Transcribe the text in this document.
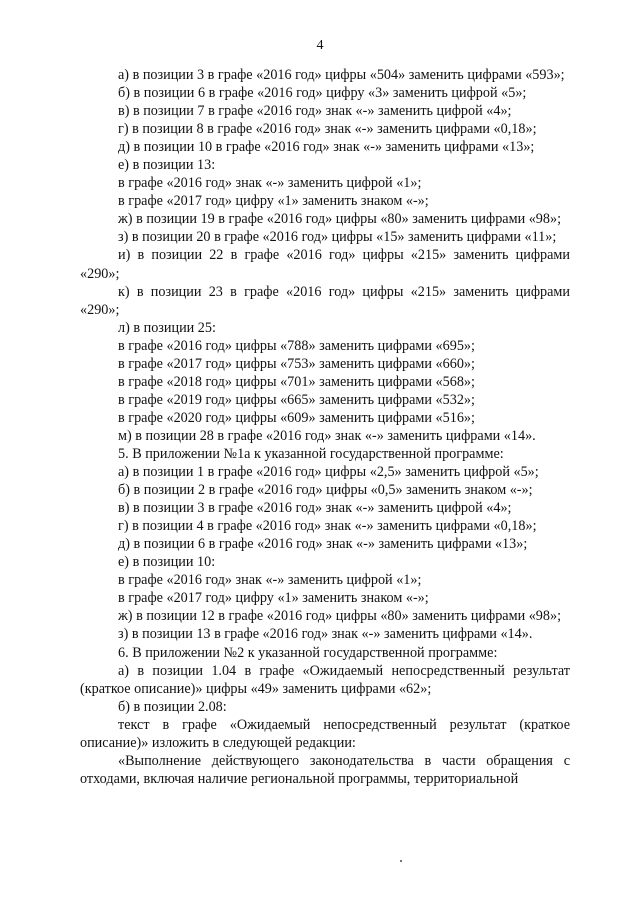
4

а) в позиции 3 в графе «2016 год» цифры «504» заменить цифрами «593»;

б) в позиции 6 в графе «2016 год» цифру «3» заменить цифрой «5»;

в) в позиции 7 в графе «2016 год» знак «-» заменить цифрой «4»;

г) в позиции 8 в графе «2016 год» знак «-» заменить цифрами «0,18»;

д) в позиции 10 в графе «2016 год» знак «-» заменить цифрами «13»;

е) в позиции 13:

в графе «2016 год» знак «-» заменить цифрой «1»;

в графе «2017 год» цифру «1» заменить знаком «-»;

ж) в позиции 19 в графе «2016 год» цифры «80» заменить цифрами «98»;

з) в позиции 20 в графе «2016 год» цифры «15» заменить цифрами «11»;

и) в позиции 22 в графе «2016 год» цифры «215» заменить цифрами «290»;

к) в позиции 23 в графе «2016 год» цифры «215» заменить цифрами «290»;

л) в позиции 25:

в графе «2016 год» цифры «788» заменить цифрами «695»;

в графе «2017 год» цифры «753» заменить цифрами «660»;

в графе «2018 год» цифры «701» заменить цифрами «568»;

в графе «2019 год» цифры «665» заменить цифрами «532»;

в графе «2020 год» цифры «609» заменить цифрами «516»;

м) в позиции 28 в графе «2016 год» знак «-» заменить цифрами «14».

5. В приложении №1а к указанной государственной программе:

а) в позиции 1 в графе «2016 год» цифры «2,5» заменить цифрой «5»;

б) в позиции 2 в графе «2016 год» цифры «0,5» заменить знаком «-»;

в) в позиции 3 в графе «2016 год» знак «-» заменить цифрой «4»;

г) в позиции 4 в графе «2016 год» знак «-» заменить цифрами «0,18»;

д) в позиции 6 в графе «2016 год» знак «-» заменить цифрами «13»;

е) в позиции 10:

в графе «2016 год» знак «-» заменить цифрой «1»;

в графе «2017 год» цифру «1» заменить знаком «-»;

ж) в позиции 12 в графе «2016 год» цифры «80» заменить цифрами «98»;

з) в позиции 13 в графе «2016 год» знак «-» заменить цифрами «14».

6. В приложении №2 к указанной государственной программе:

а) в позиции 1.04 в графе «Ожидаемый непосредственный результат (краткое описание)» цифры «49» заменить цифрами «62»;

б) в позиции 2.08:

текст в графе «Ожидаемый непосредственный результат (краткое описание)» изложить в следующей редакции:

«Выполнение действующего законодательства в части обращения с отходами, включая наличие региональной программы, территориальной
